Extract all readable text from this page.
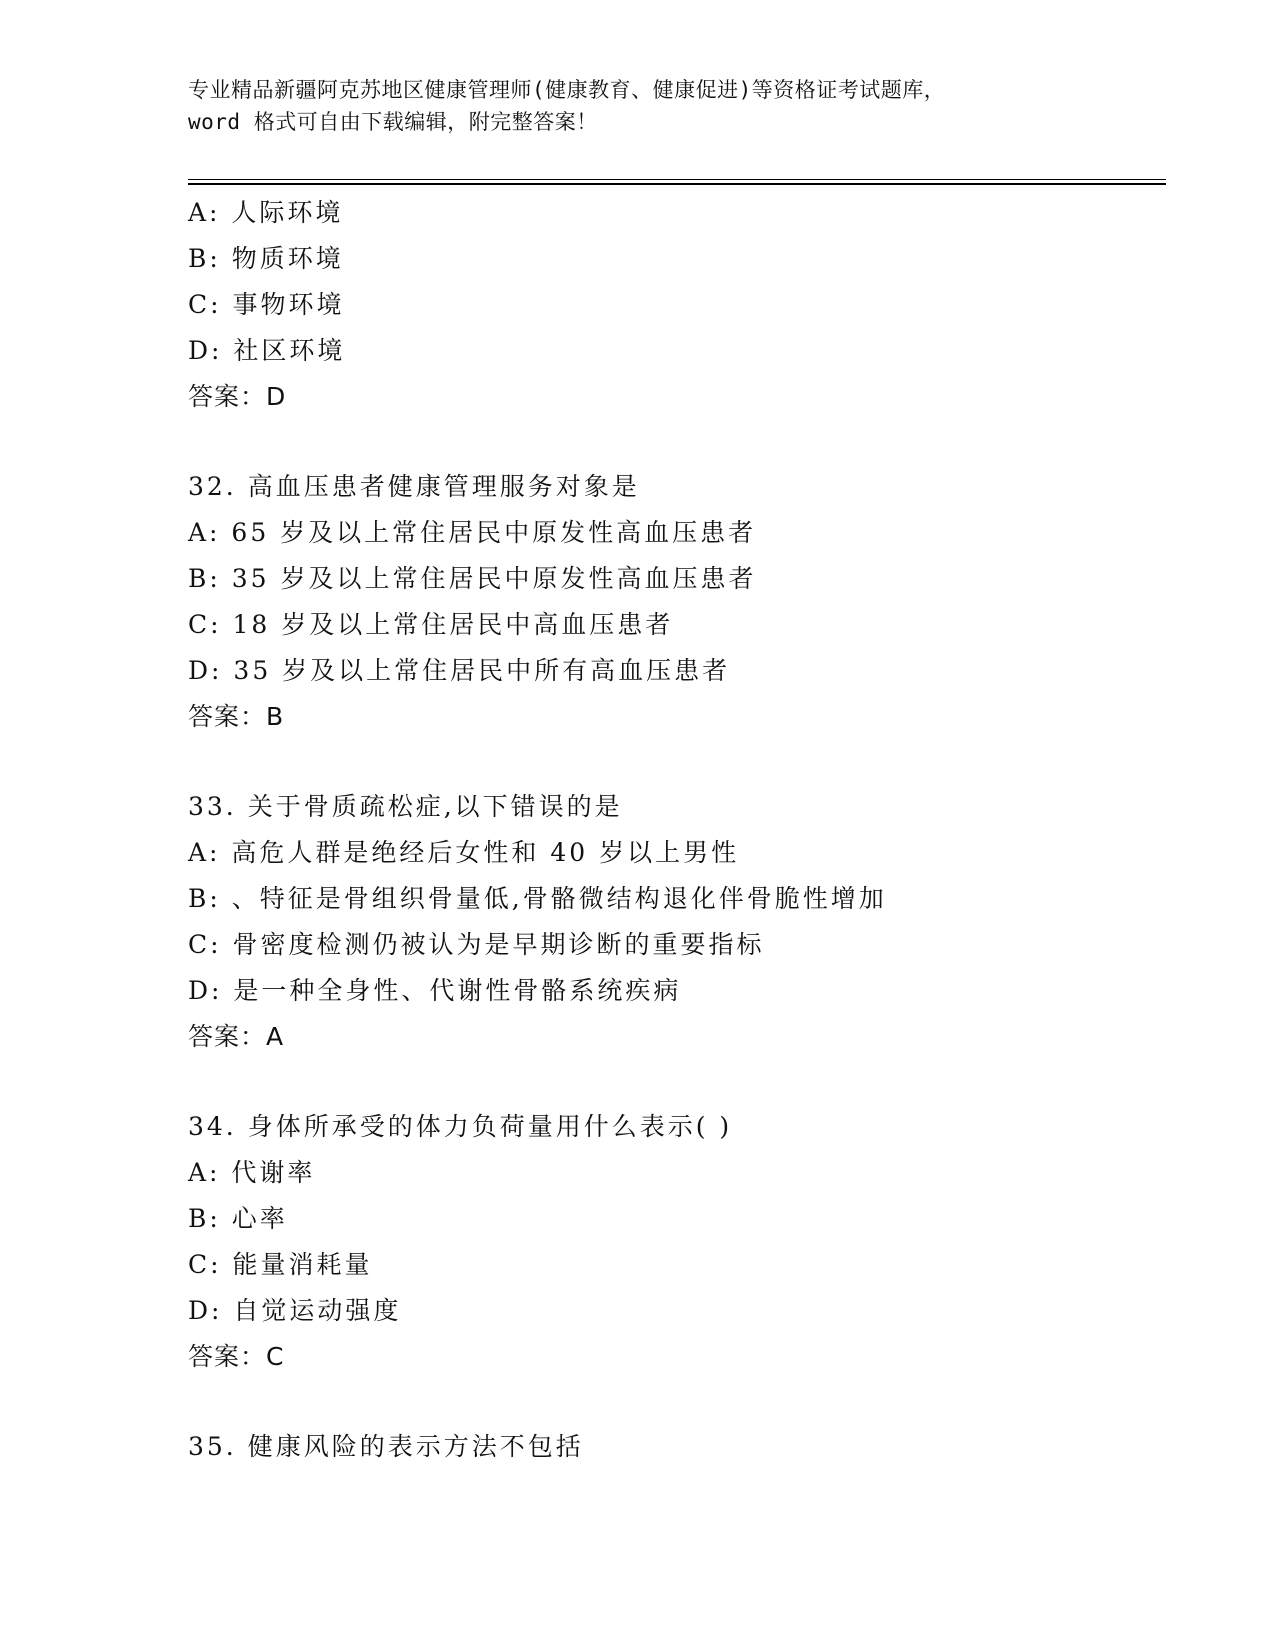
专业精品新疆阿克苏地区健康管理师(健康教育、健康促进)等资格证考试题库，
word 格式可自由下载编辑，附完整答案！
A: 人际环境
B: 物质环境
C: 事物环境
D: 社区环境
答案：D
32. 高血压患者健康管理服务对象是
A: 65 岁及以上常住居民中原发性高血压患者
B: 35 岁及以上常住居民中原发性高血压患者
C: 18 岁及以上常住居民中高血压患者
D: 35 岁及以上常住居民中所有高血压患者
答案：B
33. 关于骨质疏松症,以下错误的是
A: 高危人群是绝经后女性和 40 岁以上男性
B: 、特征是骨组织骨量低,骨骼微结构退化伴骨脆性增加
C: 骨密度检测仍被认为是早期诊断的重要指标
D: 是一种全身性、代谢性骨骼系统疾病
答案：A
34. 身体所承受的体力负荷量用什么表示( )
A: 代谢率
B: 心率
C: 能量消耗量
D: 自觉运动强度
答案：C
35. 健康风险的表示方法不包括
